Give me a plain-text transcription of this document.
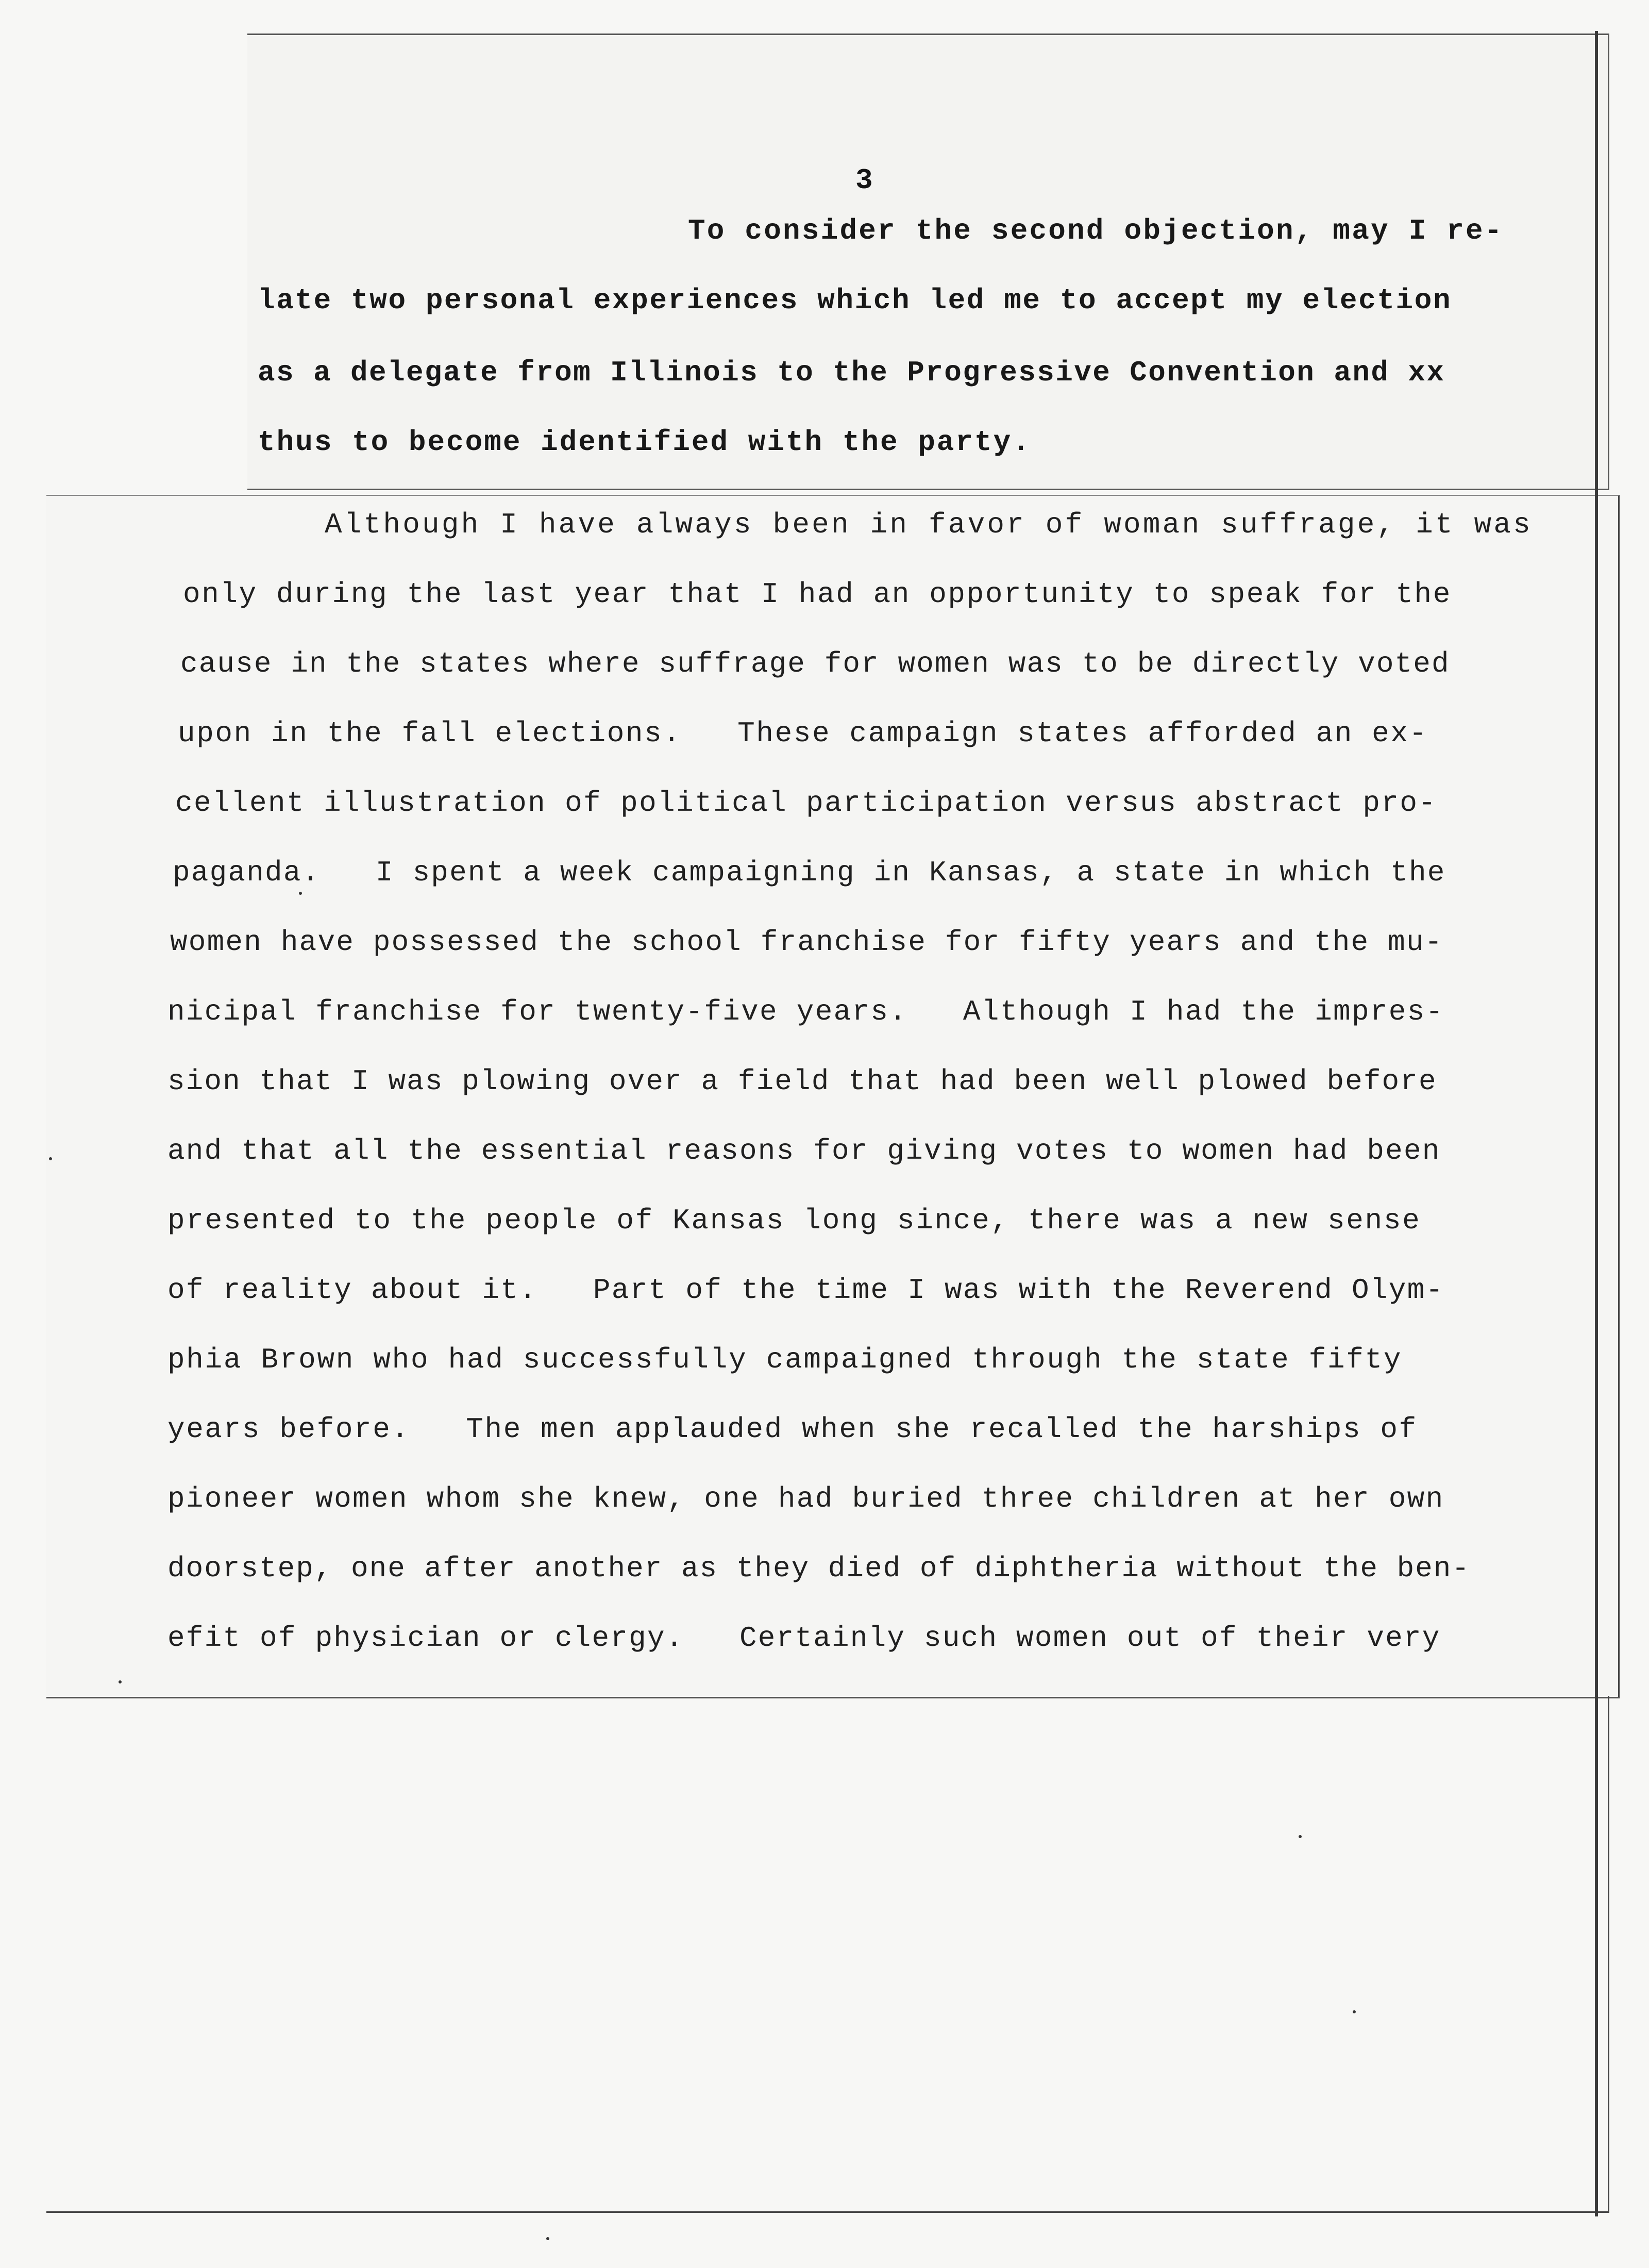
3
To consider the second objection, may I re-
late two personal experiences which led me to accept my election
as a delegate from Illinois to the Progressive Convention and xx
thus to become identified with the party.
Although I have always been in favor of woman suffrage, it was
only during the last year that I had an opportunity to speak for the
cause in the states where suffrage for women was to be directly voted
upon in the fall elections.   These campaign states afforded an ex-
cellent illustration of political participation versus abstract pro-
paganda.   I spent a week campaigning in Kansas, a state in which the
women have possessed the school franchise for fifty years and the mu-
nicipal franchise for twenty-five years.   Although I had the impres-
sion that I was plowing over a field that had been well plowed before
and that all the essential reasons for giving votes to women had been
presented to the people of Kansas long since, there was a new sense
of reality about it.   Part of the time I was with the Reverend Olym-
phia Brown who had successfully campaigned through the state fifty
years before.   The men applauded when she recalled the harships of
pioneer women whom she knew, one had buried three children at her own
doorstep, one after another as they died of diphtheria without the ben-
efit of physician or clergy.   Certainly such women out of their very
